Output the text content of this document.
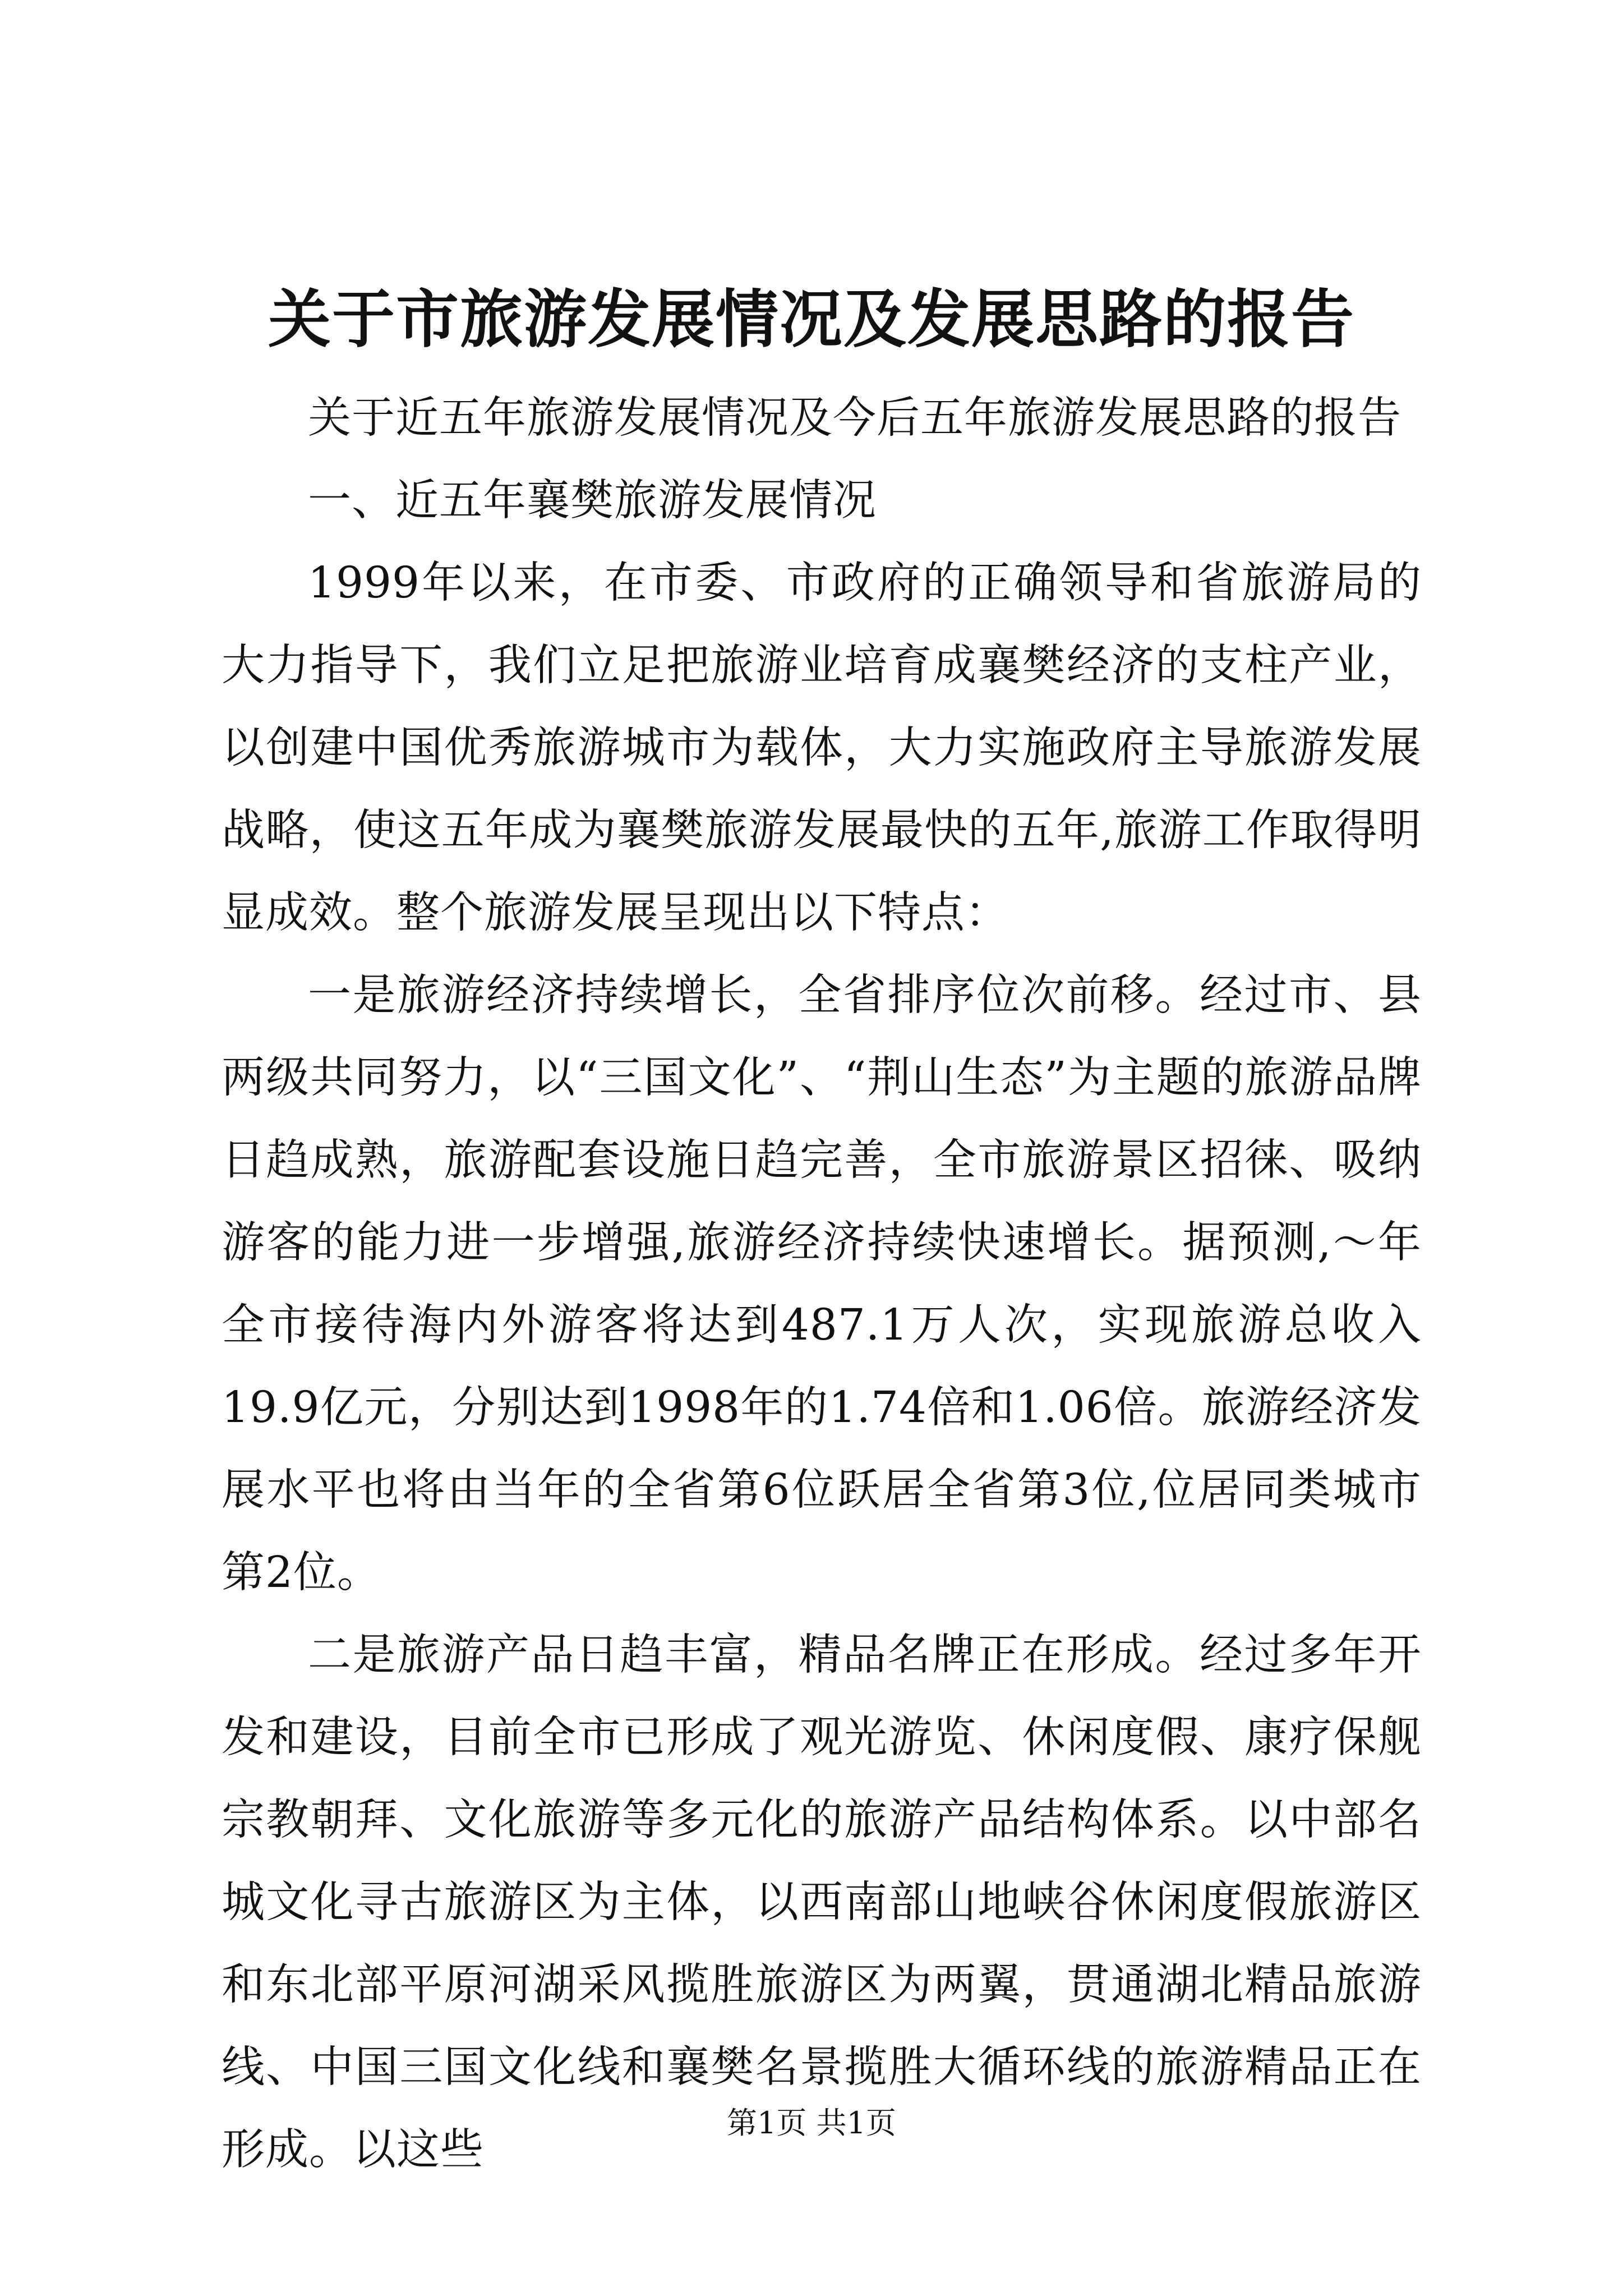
关于市旅游发展情况及发展思路的报告

关于近五年旅游发展情况及今后五年旅游发展思路的报告

一、近五年襄樊旅游发展情况

1999年以来，在市委、市政府的正确领导和省旅游局的大力指导下，我们立足把旅游业培育成襄樊经济的支柱产业，以创建中国优秀旅游城市为载体，大力实施政府主导旅游发展战略，使这五年成为襄樊旅游发展最快的五年,旅游工作取得明显成效。整个旅游发展呈现出以下特点：

一是旅游经济持续增长，全省排序位次前移。经过市、县两级共同努力，以“三国文化”、“荆山生态”为主题的旅游品牌日趋成熟，旅游配套设施日趋完善，全市旅游景区招徕、吸纳游客的能力进一步增强,旅游经济持续快速增长。据预测,～年全市接待海内外游客将达到487.1万人次，实现旅游总收入19.9亿元，分别达到1998年的1.74倍和1.06倍。旅游经济发展水平也将由当年的全省第6位跃居全省第3位,位居同类城市第2位。

二是旅游产品日趋丰富，精品名牌正在形成。经过多年开发和建设，目前全市已形成了观光游览、休闲度假、康疗保舰宗教朝拜、文化旅游等多元化的旅游产品结构体系。以中部名城文化寻古旅游区为主体，以西南部山地峡谷休闲度假旅游区和东北部平原河湖采风揽胜旅游区为两翼，贯通湖北精品旅游线、中国三国文化线和襄樊名景揽胜大循环线的旅游精品正在形成。以这些

第1页 共1页
